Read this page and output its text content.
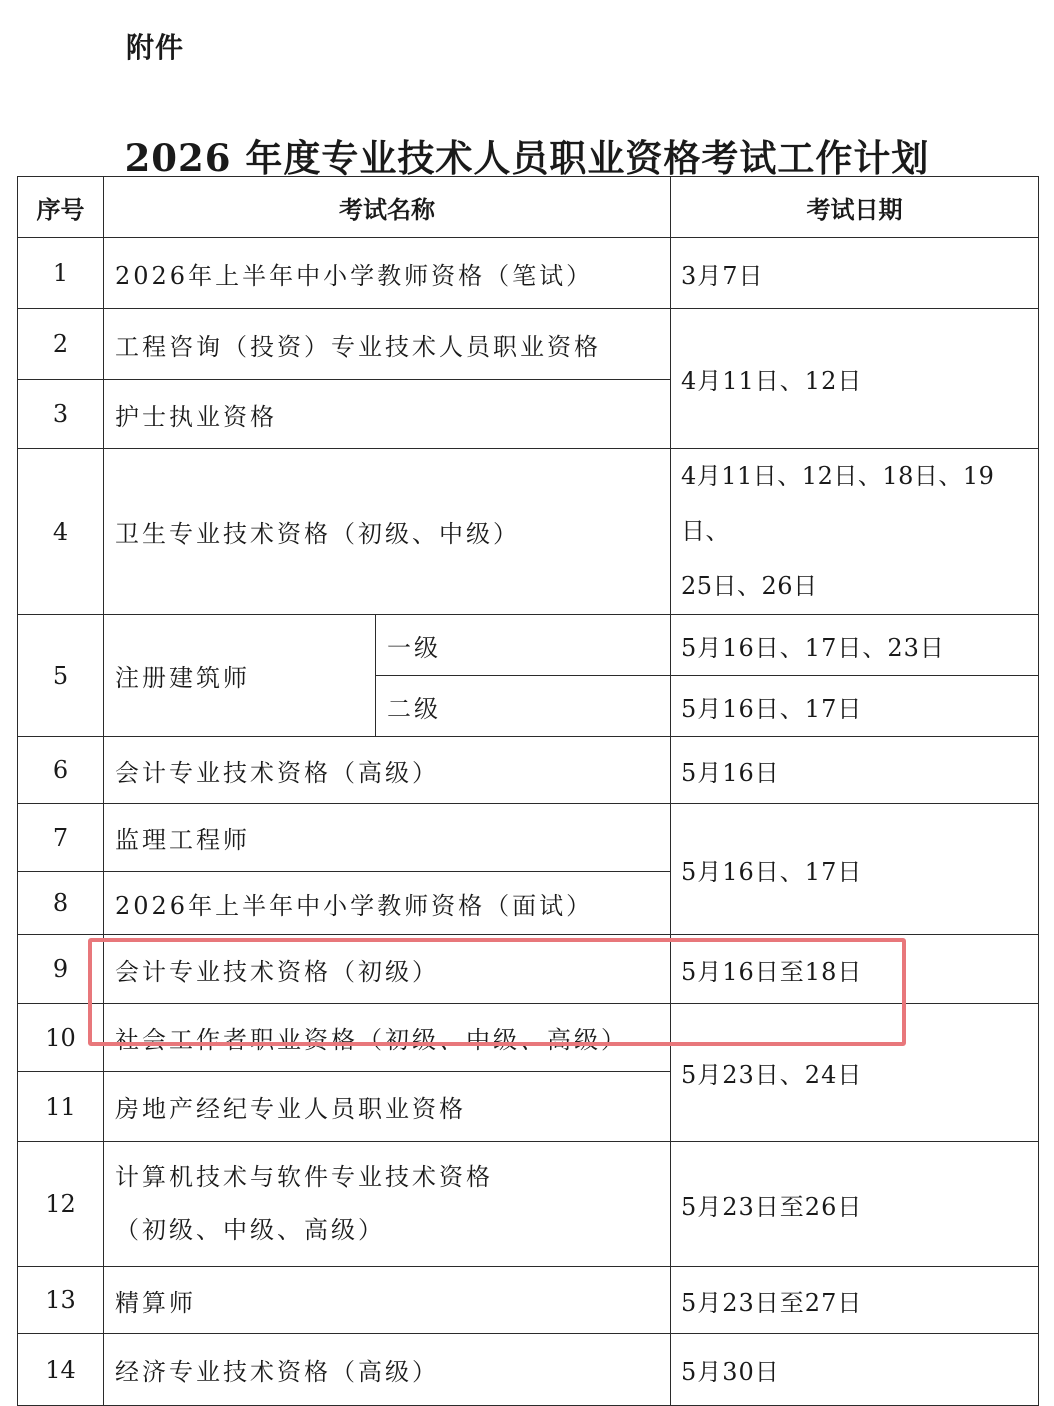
附件
2026 年度专业技术人员职业资格考试工作计划
序号	考试名称		考试日期
1	2026年上半年中小学教师资格（笔试）		3月7日
2	工程咨询（投资）专业技术人员职业资格		4月11日、12日
3	护士执业资格		
4	卫生专业技术资格（初级、中级）		4月11日、12日、18日、19日、
25日、26日

5	注册建筑师	一级	5月16日、17日、23日
		二级	5月16日、17日
6	会计专业技术资格（高级）		5月16日
7	监理工程师		5月16日、17日
8	2026年上半年中小学教师资格（面试）		
9	会计专业技术资格（初级）		5月16日至18日
10	社会工作者职业资格（初级、中级、高级）		5月23日、24日
11	房地产经纪专业人员职业资格		
12	计算机技术与软件专业技术资格
（初级、中级、高级）		5月23日至26日
13	精算师		5月23日至27日
14	经济专业技术资格（高级）		5月30日
